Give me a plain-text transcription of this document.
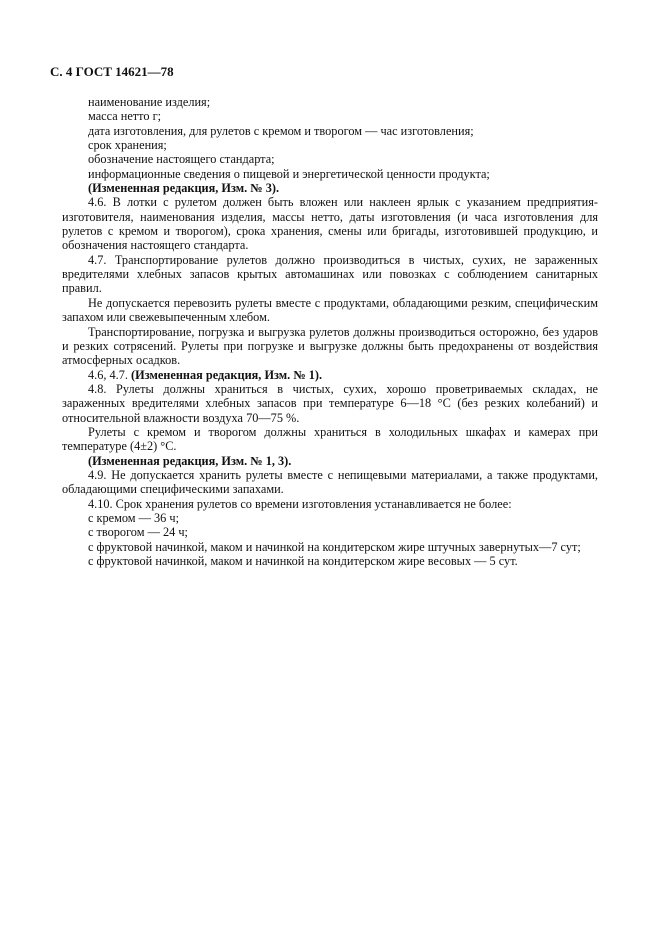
С. 4 ГОСТ 14621—78

наименование изделия;

масса нетто г;

дата изготовления, для рулетов с кремом и творогом — час изготовления;

срок хранения;

обозначение настоящего стандарта;

информационные сведения о пищевой и энергетической ценности продукта;

(Измененная редакция, Изм. № 3).

4.6. В лотки с рулетом должен быть вложен или наклеен ярлык с указанием предприятия-изготовителя, наименования изделия, массы нетто, даты изготовления (и часа изготовления для рулетов с кремом и творогом), срока хранения, смены или бригады, изготовившей продукцию, и обозначения настоящего стандарта.

4.7. Транспортирование рулетов должно производиться в чистых, сухих, не зараженных вредителями хлебных запасов крытых автомашинах или повозках с соблюдением санитарных правил.

Не допускается перевозить рулеты вместе с продуктами, обладающими резким, специфическим запахом или свежевыпеченным хлебом.

Транспортирование, погрузка и выгрузка рулетов должны производиться осторожно, без ударов и резких сотрясений. Рулеты при погрузке и выгрузке должны быть предохранены от воздействия атмосферных осадков.

4.6, 4.7. (Измененная редакция, Изм. № 1).

4.8. Рулеты должны храниться в чистых, сухих, хорошо проветриваемых складах, не зараженных вредителями хлебных запасов при температуре 6—18 °С (без резких колебаний) и относительной влажности воздуха 70—75 %.

Рулеты с кремом и творогом должны храниться в холодильных шкафах и камерах при температуре (4±2) °С.

(Измененная редакция, Изм. № 1, 3).

4.9. Не допускается хранить рулеты вместе с непищевыми материалами, а также продуктами, обладающими специфическими запахами.

4.10. Срок хранения рулетов со времени изготовления устанавливается не более:

с кремом — 36 ч;

с творогом — 24 ч;

с фруктовой начинкой, маком и начинкой на кондитерском жире штучных завернутых—7 сут;

с фруктовой начинкой, маком и начинкой на кондитерском жире весовых — 5 сут.
